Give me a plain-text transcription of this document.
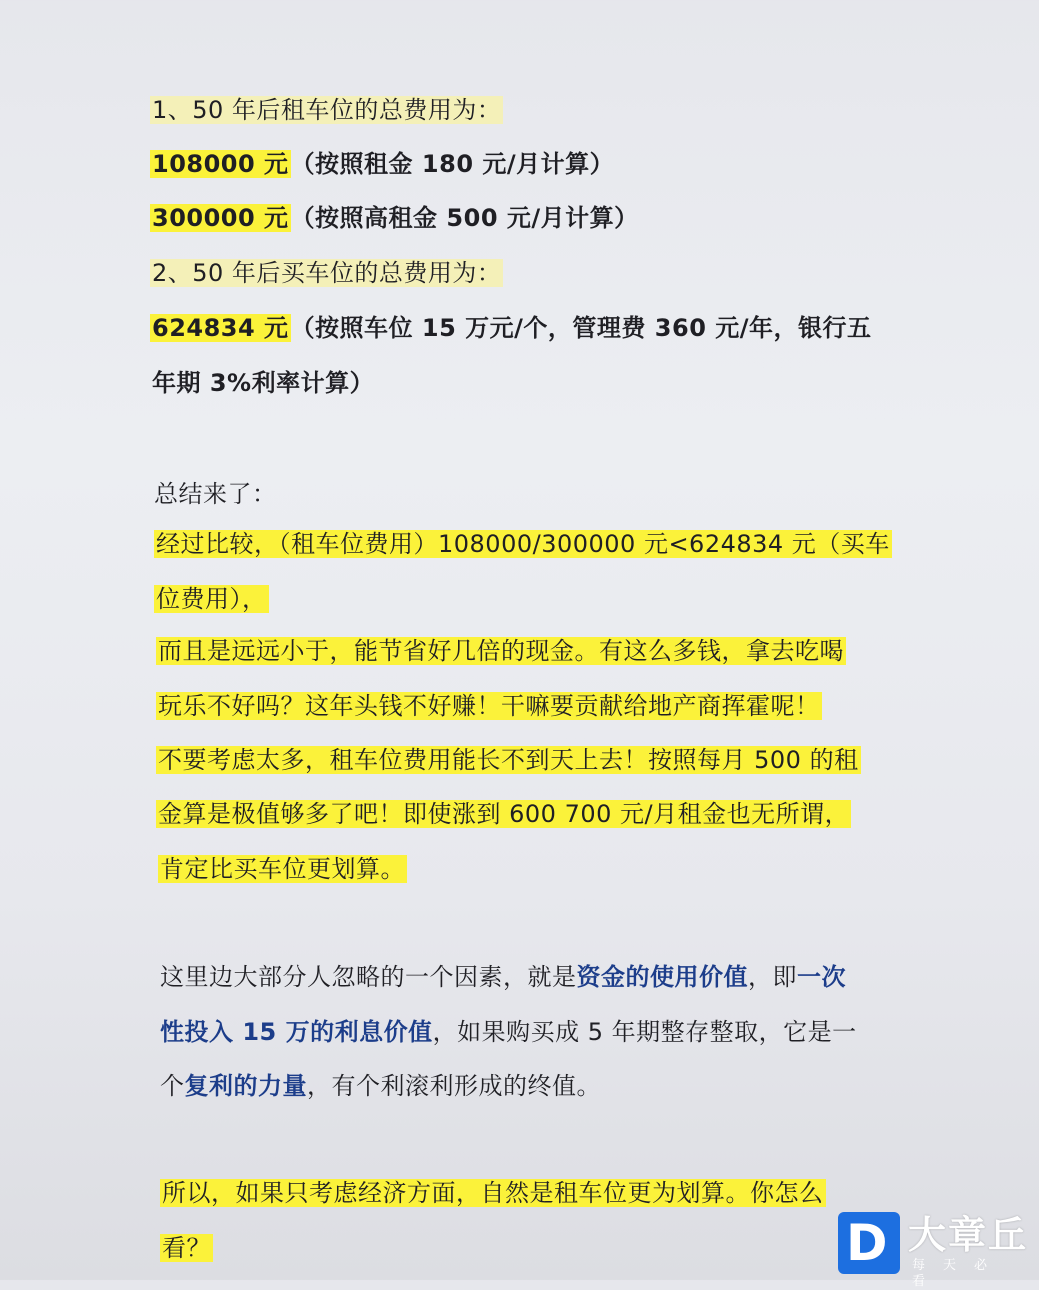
1、50 年后租车位的总费用为：
108000 元（按照租金 180 元/月计算）
300000 元（按照高租金 500 元/月计算）
2、50 年后买车位的总费用为：
624834 元（按照车位 15 万元/个，管理费 360 元/年，银行五
年期 3%利率计算）
总结来了：
经过比较，（租车位费用）108000/300000 元<624834 元（买车
位费用），
而且是远远小于，能节省好几倍的现金。有这么多钱，拿去吃喝
玩乐不好吗？这年头钱不好赚！干嘛要贡献给地产商挥霍呢！
不要考虑太多，租车位费用能长不到天上去！按照每月 500 的租
金算是极值够多了吧！即使涨到 600 700 元/月租金也无所谓，
肯定比买车位更划算。
这里边大部分人忽略的一个因素，就是资金的使用价值，即一次
性投入 15 万的利息价值，如果购买成 5 年期整存整取，它是一
个复利的力量，有个利滚利形成的终值。
所以，如果只考虑经济方面，自然是租车位更为划算。你怎么
看？	D 大章丘
每天必看
